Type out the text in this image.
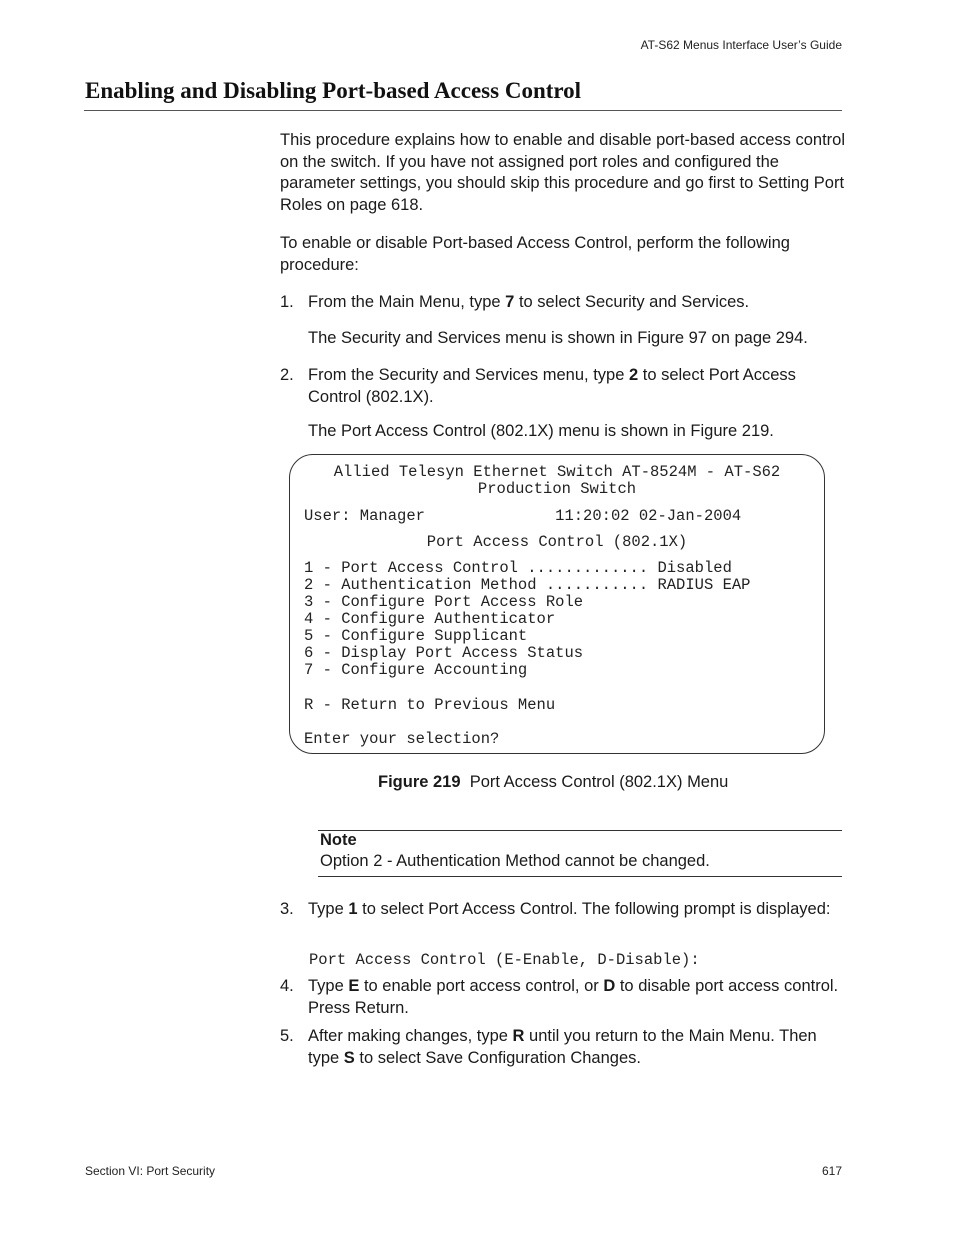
AT-S62 Menus Interface User’s Guide
Enabling and Disabling Port-based Access Control
This procedure explains how to enable and disable port-based access control on the switch. If you have not assigned port roles and configured the parameter settings, you should skip this procedure and go first to Setting Port Roles on page 618.
To enable or disable Port-based Access Control, perform the following procedure:
1. From the Main Menu, type 7 to select Security and Services.
The Security and Services menu is shown in Figure 97 on page 294.
2. From the Security and Services menu, type 2 to select Port Access Control (802.1X).
The Port Access Control (802.1X) menu is shown in Figure 219.
Allied Telesyn Ethernet Switch AT-8524M - AT-S62
Production Switch
User: Manager              11:20:02 02-Jan-2004
Port Access Control (802.1X)
1 - Port Access Control ............. Disabled
2 - Authentication Method ........... RADIUS EAP
3 - Configure Port Access Role
4 - Configure Authenticator
5 - Configure Supplicant
6 - Display Port Access Status
7 - Configure Accounting
R - Return to Previous Menu
Enter your selection?
Figure 219 Port Access Control (802.1X) Menu
Note
Option 2 - Authentication Method cannot be changed.
3. Type 1 to select Port Access Control. The following prompt is displayed:
Port Access Control (E-Enable, D-Disable):
4. Type E to enable port access control, or D to disable port access control. Press Return.
5. After making changes, type R until you return to the Main Menu. Then type S to select Save Configuration Changes.
Section VI: Port Security	617
